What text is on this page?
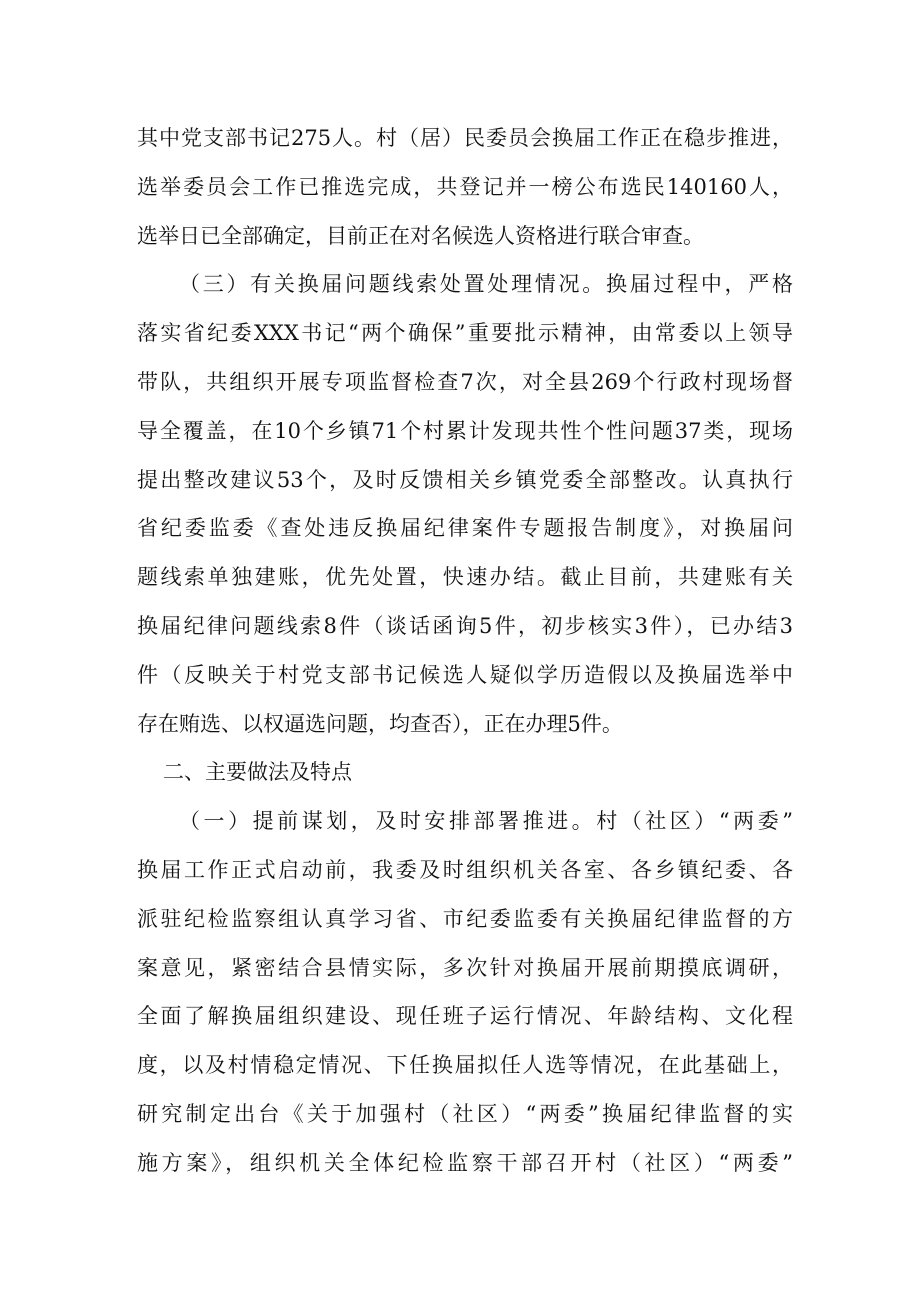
其中党支部书记275人。村（居）民委员会换届工作正在稳步推进，
选举委员会工作已推选完成，共登记并一榜公布选民140160人，
选举日已全部确定，目前正在对名候选人资格进行联合审查。
（三）有关换届问题线索处置处理情况。换届过程中，严格
落实省纪委XXX书记“两个确保”重要批示精神，由常委以上领导
带队，共组织开展专项监督检查7次，对全县269个行政村现场督
导全覆盖，在10个乡镇71个村累计发现共性个性问题37类，现场
提出整改建议53个，及时反馈相关乡镇党委全部整改。认真执行
省纪委监委《查处违反换届纪律案件专题报告制度》，对换届问
题线索单独建账，优先处置，快速办结。截止目前，共建账有关
换届纪律问题线索8件（谈话函询5件，初步核实3件），已办结3
件（反映关于村党支部书记候选人疑似学历造假以及换届选举中
存在贿选、以权逼选问题，均查否），正在办理5件。
二、主要做法及特点
（一）提前谋划，及时安排部署推进。村（社区）“两委”
换届工作正式启动前，我委及时组织机关各室、各乡镇纪委、各
派驻纪检监察组认真学习省、市纪委监委有关换届纪律监督的方
案意见，紧密结合县情实际，多次针对换届开展前期摸底调研，
全面了解换届组织建设、现任班子运行情况、年龄结构、文化程
度，以及村情稳定情况、下任换届拟任人选等情况，在此基础上，
研究制定出台《关于加强村（社区）“两委”换届纪律监督的实
施方案》，组织机关全体纪检监察干部召开村（社区）“两委”
